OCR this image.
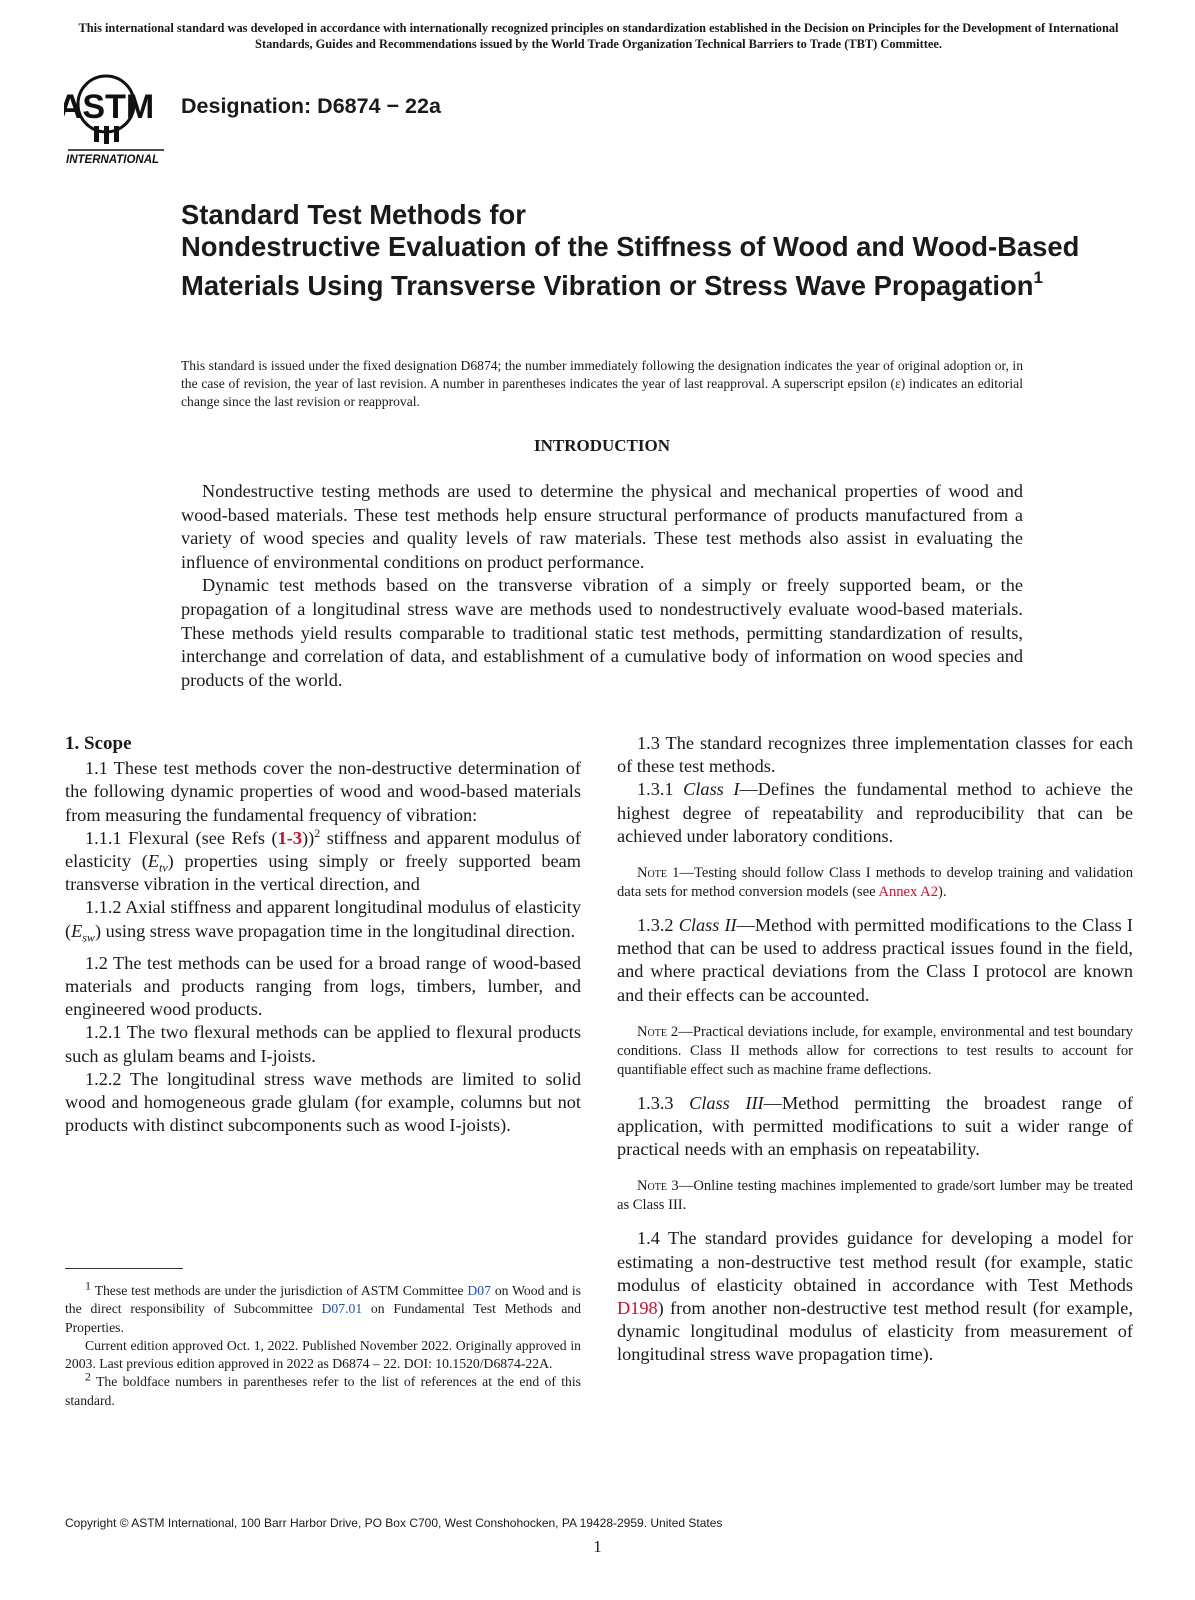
This international standard was developed in accordance with internationally recognized principles on standardization established in the Decision on Principles for the Development of International Standards, Guides and Recommendations issued by the World Trade Organization Technical Barriers to Trade (TBT) Committee.
ASTM
INTERNATIONAL
Designation: D6874 − 22a
Standard Test Methods for
Nondestructive Evaluation of the Stiffness of Wood and Wood-Based Materials Using Transverse Vibration or Stress Wave Propagation$^1$
This standard is issued under the fixed designation D6874; the number immediately following the designation indicates the year of original adoption or, in the case of revision, the year of last revision. A number in parentheses indicates the year of last reapproval. A superscript epsilon (ε) indicates an editorial change since the last revision or reapproval.
INTRODUCTION

Nondestructive testing methods are used to determine the physical and mechanical properties of wood and wood-based materials. These test methods help ensure structural performance of products manufactured from a variety of wood species and quality levels of raw materials. These test methods also assist in evaluating the influence of environmental conditions on product performance.

Dynamic test methods based on the transverse vibration of a simply or freely supported beam, or the propagation of a longitudinal stress wave are methods used to nondestructively evaluate wood-based materials. These methods yield results comparable to traditional static test methods, permitting standardization of results, interchange and correlation of data, and establishment of a cumulative body of information on wood species and products of the world.

1. Scope

1.1 These test methods cover the non-destructive determination of the following dynamic properties of wood and wood-based materials from measuring the fundamental frequency of vibration:

1.1.1 Flexural (see Refs (1-3))$^2$ stiffness and apparent modulus of elasticity $(E_{tv})$ properties using simply or freely supported beam transverse vibration in the vertical direction, and

1.1.2 Axial stiffness and apparent longitudinal modulus of elasticity $(E_{sw})$ using stress wave propagation time in the longitudinal direction.

1.2 The test methods can be used for a broad range of wood-based materials and products ranging from logs, timbers, lumber, and engineered wood products.

1.2.1 The two flexural methods can be applied to flexural products such as glulam beams and I-joists.

1.2.2 The longitudinal stress wave methods are limited to solid wood and homogeneous grade glulam (for example, columns but not products with distinct subcomponents such as wood I-joists).

1.3 The standard recognizes three implementation classes for each of these test methods.

1.3.1 Class I—Defines the fundamental method to achieve the highest degree of repeatability and reproducibility that can be achieved under laboratory conditions.

Note 1—Testing should follow Class I methods to develop training and validation data sets for method conversion models (see Annex A2).

1.3.2 Class II—Method with permitted modifications to the Class I method that can be used to address practical issues found in the field, and where practical deviations from the Class I protocol are known and their effects can be accounted.

Note 2—Practical deviations include, for example, environmental and test boundary conditions. Class II methods allow for corrections to test results to account for quantifiable effect such as machine frame deflections.

1.3.3 Class III—Method permitting the broadest range of application, with permitted modifications to suit a wider range of practical needs with an emphasis on repeatability.

Note 3—Online testing machines implemented to grade/sort lumber may be treated as Class III.

1.4 The standard provides guidance for developing a model for estimating a non-destructive test method result (for example, static modulus of elasticity obtained in accordance with Test Methods D198) from another non-destructive test method result (for example, dynamic longitudinal modulus of elasticity from measurement of longitudinal stress wave propagation time).

$^1$ These test methods are under the jurisdiction of ASTM Committee D07 on Wood and is the direct responsibility of Subcommittee D07.01 on Fundamental Test Methods and Properties.

Current edition approved Oct. 1, 2022. Published November 2022. Originally approved in 2003. Last previous edition approved in 2022 as D6874 – 22. DOI: 10.1520/D6874-22A.

$^2$ The boldface numbers in parentheses refer to the list of references at the end of this standard.

Copyright © ASTM International, 100 Barr Harbor Drive, PO Box C700, West Conshohocken, PA 19428-2959. United States
1
